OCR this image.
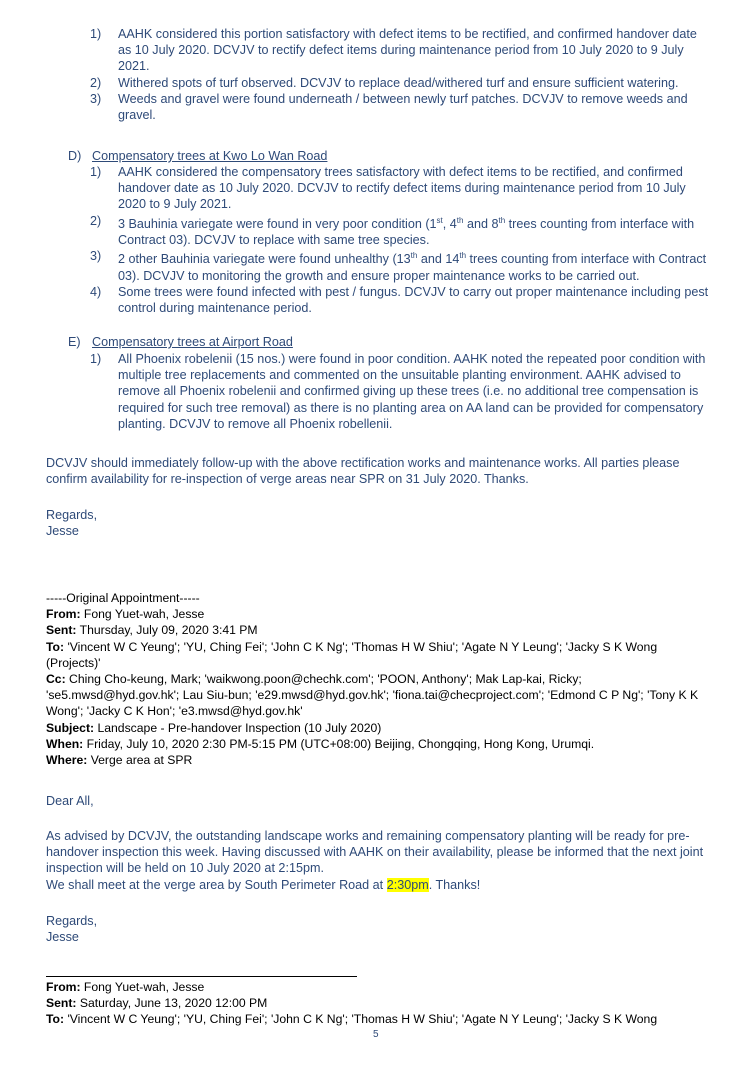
1) AAHK considered this portion satisfactory with defect items to be rectified, and confirmed handover date as 10 July 2020. DCVJV to rectify defect items during maintenance period from 10 July 2020 to 9 July 2021.
2) Withered spots of turf observed. DCVJV to replace dead/withered turf and ensure sufficient watering.
3) Weeds and gravel were found underneath / between newly turf patches. DCVJV to remove weeds and gravel.
D) Compensatory trees at Kwo Lo Wan Road
1) AAHK considered the compensatory trees satisfactory with defect items to be rectified, and confirmed handover date as 10 July 2020. DCVJV to rectify defect items during maintenance period from 10 July 2020 to 9 July 2021.
2) 3 Bauhinia variegate were found in very poor condition (1st, 4th and 8th trees counting from interface with Contract 03). DCVJV to replace with same tree species.
3) 2 other Bauhinia variegate were found unhealthy (13th and 14th trees counting from interface with Contract 03). DCVJV to monitoring the growth and ensure proper maintenance works to be carried out.
4) Some trees were found infected with pest / fungus. DCVJV to carry out proper maintenance including pest control during maintenance period.
E) Compensatory trees at Airport Road
1) All Phoenix robelenii (15 nos.) were found in poor condition. AAHK noted the repeated poor condition with multiple tree replacements and commented on the unsuitable planting environment. AAHK advised to remove all Phoenix robelenii and confirmed giving up these trees (i.e. no additional tree compensation is required for such tree removal) as there is no planting area on AA land can be provided for compensatory planting. DCVJV to remove all Phoenix robellenii.

DCVJV should immediately follow-up with the above rectification works and maintenance works. All parties please confirm availability for re-inspection of verge areas near SPR on 31 July 2020. Thanks.

Regards,

Jesse

-----Original Appointment-----

From: Fong Yuet-wah, Jesse

Sent: Thursday, July 09, 2020 3:41 PM

To: 'Vincent W C Yeung'; 'YU, Ching Fei'; 'John C K Ng'; 'Thomas H W Shiu'; 'Agate N Y Leung'; 'Jacky S K Wong (Projects)'

Cc: Ching Cho-keung, Mark; 'waikwong.poon@chechk.com'; 'POON, Anthony'; Mak Lap-kai, Ricky; 'se5.mwsd@hyd.gov.hk'; Lau Siu-bun; 'e29.mwsd@hyd.gov.hk'; 'fiona.tai@checproject.com'; 'Edmond C P Ng'; 'Tony K K Wong'; 'Jacky C K Hon'; 'e3.mwsd@hyd.gov.hk'

Subject: Landscape - Pre-handover Inspection (10 July 2020)

When: Friday, July 10, 2020 2:30 PM-5:15 PM (UTC+08:00) Beijing, Chongqing, Hong Kong, Urumqi.

Where: Verge area at SPR

Dear All,

As advised by DCVJV, the outstanding landscape works and remaining compensatory planting will be ready for pre-handover inspection this week. Having discussed with AAHK on their availability, please be informed that the next joint inspection will be held on 10 July 2020 at 2:15pm.

We shall meet at the verge area by South Perimeter Road at 2:30pm. Thanks!

Regards,

Jesse

From: Fong Yuet-wah, Jesse

Sent: Saturday, June 13, 2020 12:00 PM

To: 'Vincent W C Yeung'; 'YU, Ching Fei'; 'John C K Ng'; 'Thomas H W Shiu'; 'Agate N Y Leung'; 'Jacky S K Wong

5
